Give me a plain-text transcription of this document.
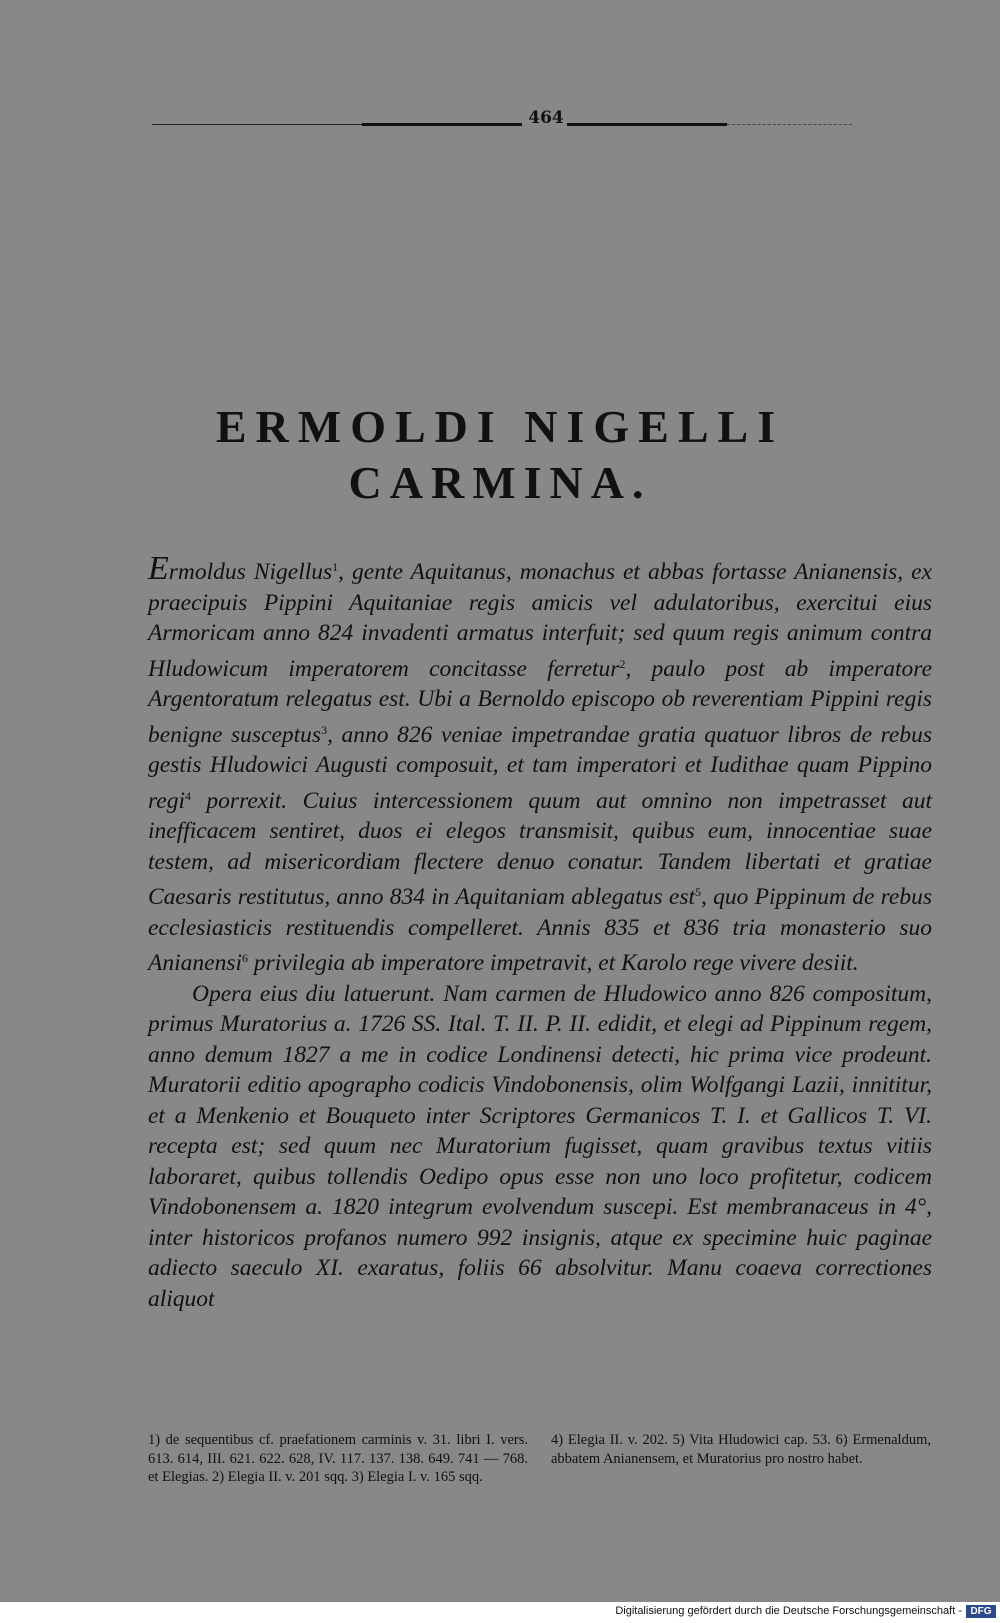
464
ERMOLDI NIGELLI
CARMINA.

Ermoldus Nigellus$^1$, gente Aquitanus, monachus et abbas fortasse Anianensis, ex praecipuis Pippini Aquitaniae regis amicis vel adulatoribus, exercitui eius Armoricam anno 824 invadenti armatus interfuit; sed quum regis animum contra Hludowicum imperatorem concitasse ferretur$^2$, paulo post ab imperatore Argentoratum relegatus est. Ubi a Bernoldo episcopo ob reverentiam Pippini regis benigne susceptus$^3$, anno 826 veniae impetrandae gratia quatuor libros de rebus gestis Hludowici Augusti composuit, et tam imperatori et Iudithae quam Pippino regi$^4$ porrexit. Cuius intercessionem quum aut omnino non impetrasset aut inefficacem sentiret, duos ei elegos transmisit, quibus eum, innocentiae suae testem, ad misericordiam flectere denuo conatur. Tandem libertati et gratiae Caesaris restitutus, anno 834 in Aquitaniam ablegatus est$^5$, quo Pippinum de rebus ecclesiasticis restituendis compelleret. Annis 835 et 836 tria monasterio suo Anianensi$^6$ privilegia ab imperatore impetravit, et Karolo rege vivere desiit.

Opera eius diu latuerunt. Nam carmen de Hludowico anno 826 compositum, primus Muratorius a. 1726 SS. Ital. T. II. P. II. edidit, et elegi ad Pippinum regem, anno demum 1827 a me in codice Londinensi detecti, hic prima vice prodeunt. Muratorii editio apographo codicis Vindobonensis, olim Wolfgangi Lazii, innititur, et a Menkenio et Bouqueto inter Scriptores Germanicos T. I. et Gallicos T. VI. recepta est; sed quum nec Muratorium fugisset, quam gravibus textus vitiis laboraret, quibus tollendis Oedipo opus esse non uno loco profitetur, codicem Vindobonensem a. 1820 integrum evolvendum suscepi. Est membranaceus in 4°, inter historicos profanos numero 992 insignis, atque ex specimine huic paginae adiecto saeculo XI. exaratus, foliis 66 absolvitur. Manu coaeva correctiones aliquot

1) de sequentibus cf. praefationem carminis v. 31. libri I. vers. 613. 614, III. 621. 622. 628, IV. 117. 137. 138. 649. 741 — 768. et Elegias. 2) Elegia II. v. 201 sqq. 3) Elegia I. v. 165 sqq.
4) Elegia II. v. 202. 5) Vita Hludowici cap. 53. 6) Ermenaldum, abbatem Anianensem, et Muratorius pro nostro habet.
Digitalisierung gefördert durch die Deutsche Forschungsgemeinschaft - DFG
